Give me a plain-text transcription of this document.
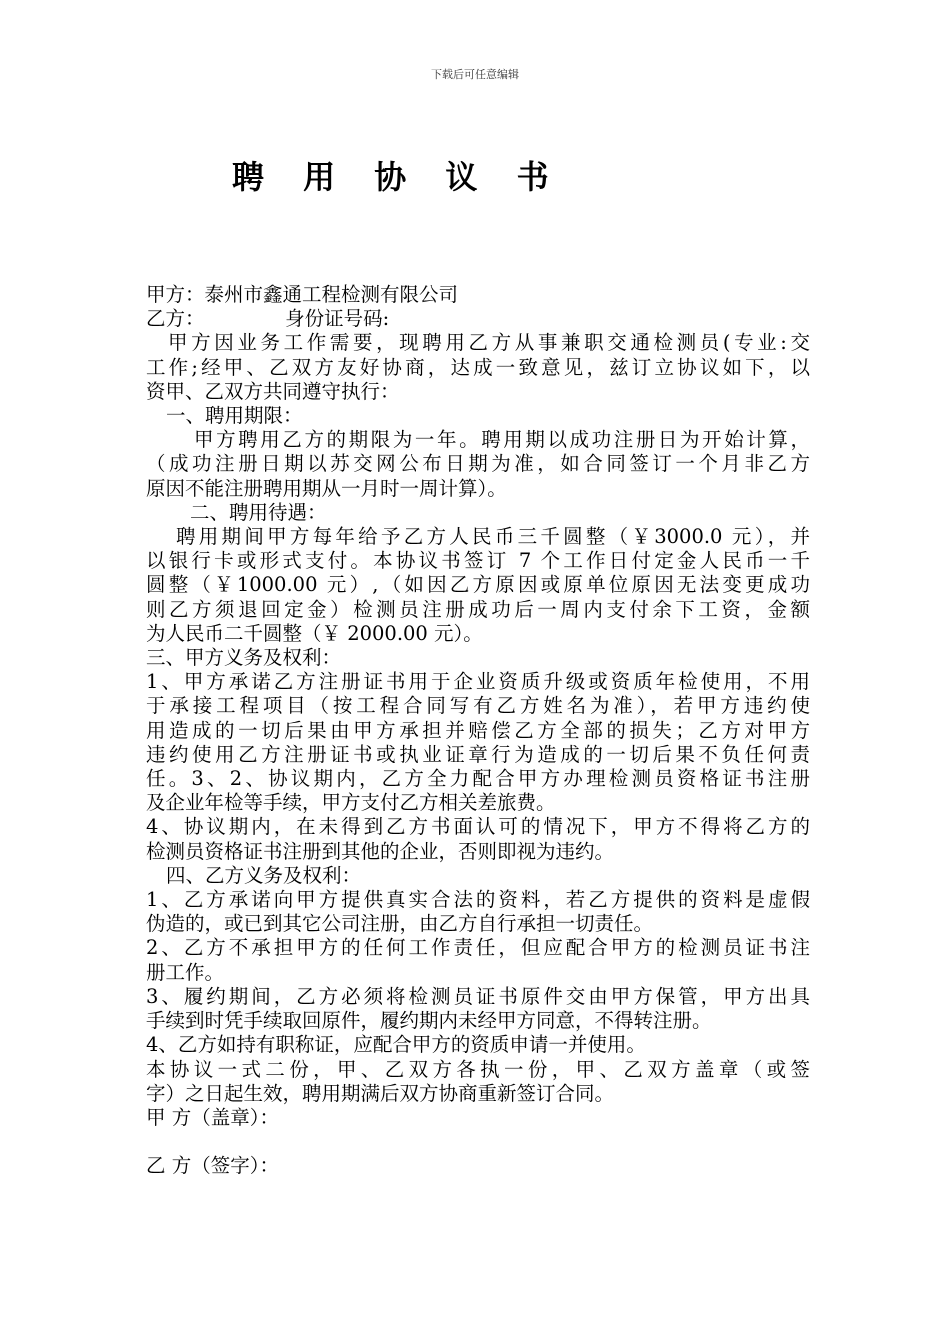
下载后可任意编辑
聘 用 协 议 书

甲方：泰州市鑫通工程检测有限公司

乙方：             身份证号码:

甲方因业务工作需要，现聘用乙方从事兼职交通检测员(专业:交

工作;经甲、乙双方友好协商，达成一致意见，兹订立协议如下，以

资甲、乙双方共同遵守执行：

一、聘用期限：

甲方聘用乙方的期限为一年。聘用期以成功注册日为开始计算，

（成功注册日期以苏交网公布日期为准，如合同签订一个月非乙方

原因不能注册聘用期从一月时一周计算）。

二、聘用待遇：

聘用期间甲方每年给予乙方人民币三千圆整（￥3000.0 元），并

以银行卡或形式支付。本协议书签订 7 个工作日付定金人民币一千

圆整（￥1000.00 元）,（如因乙方原因或原单位原因无法变更成功

则乙方须退回定金）检测员注册成功后一周内支付余下工资，金额

为人民币二千圆整（￥ 2000.00 元）。

三、甲方义务及权利：

1、甲方承诺乙方注册证书用于企业资质升级或资质年检使用，不用

于承接工程项目（按工程合同写有乙方姓名为准），若甲方违约使

用造成的一切后果由甲方承担并赔偿乙方全部的损失；乙方对甲方

违约使用乙方注册证书或执业证章行为造成的一切后果不负任何责

任。3、2、协议期内，乙方全力配合甲方办理检测员资格证书注册

及企业年检等手续，甲方支付乙方相关差旅费。

4、协议期内，在未得到乙方书面认可的情况下，甲方不得将乙方的

检测员资格证书注册到其他的企业，否则即视为违约。

四、乙方义务及权利：

1、乙方承诺向甲方提供真实合法的资料，若乙方提供的资料是虚假

伪造的，或已到其它公司注册，由乙方自行承担一切责任。

2、乙方不承担甲方的任何工作责任，但应配合甲方的检测员证书注

册工作。

3、履约期间，乙方必须将检测员证书原件交由甲方保管，甲方出具

手续到时凭手续取回原件，履约期内未经甲方同意，不得转注册。

4、乙方如持有职称证，应配合甲方的资质申请一并使用。

本协议一式二份，甲、乙双方各执一份，甲、乙双方盖章（或签

字）之日起生效，聘用期满后双方协商重新签订合同。

甲 方（盖章）：

乙 方（签字）：
